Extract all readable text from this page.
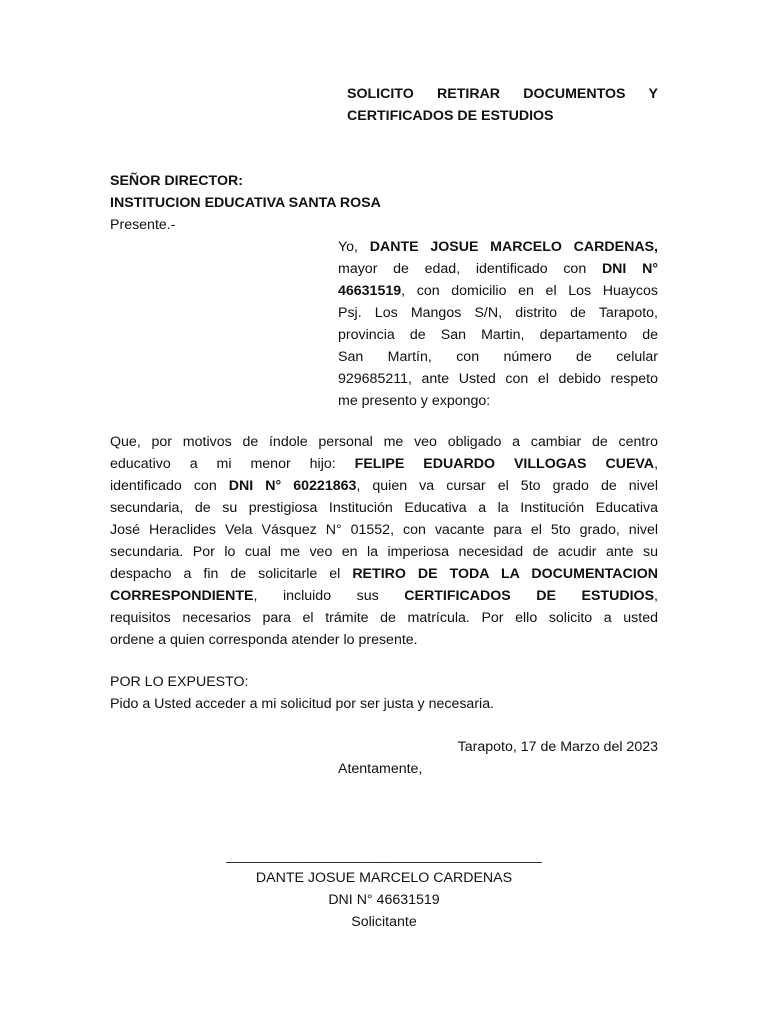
SOLICITO RETIRAR DOCUMENTOS Y
CERTIFICADOS DE ESTUDIOS
SEÑOR DIRECTOR:
INSTITUCION EDUCATIVA SANTA ROSA
Presente.-
Yo, DANTE JOSUE MARCELO CARDENAS,
mayor de edad, identificado con DNI N°
46631519, con domicilio en el Los Huaycos
Psj. Los Mangos S/N, distrito de Tarapoto,
provincia de San Martin, departamento de
San Martín, con número de celular
929685211, ante Usted con el debido respeto
me presento y expongo:
Que, por motivos de índole personal me veo obligado a cambiar de centro
educativo a mi menor hijo: FELIPE EDUARDO VILLOGAS CUEVA,
identificado con DNI N° 60221863, quien va cursar el 5to grado de nivel
secundaria, de su prestigiosa Institución Educativa a la Institución Educativa
José Heraclides Vela Vásquez N° 01552, con vacante para el 5to grado, nivel
secundaria. Por lo cual me veo en la imperiosa necesidad de acudir ante su
despacho a fin de solicitarle el RETIRO DE TODA LA DOCUMENTACION
CORRESPONDIENTE, incluido sus CERTIFICADOS DE ESTUDIOS,
requisitos necesarios para el trámite de matrícula. Por ello solicito a usted
ordene a quien corresponda atender lo presente.
POR LO EXPUESTO:
Pido a Usted acceder a mi solicitud por ser justa y necesaria.
Tarapoto, 17 de Marzo del 2023
Atentamente,
________________________________________
DANTE JOSUE MARCELO CARDENAS
DNI N° 46631519
Solicitante
